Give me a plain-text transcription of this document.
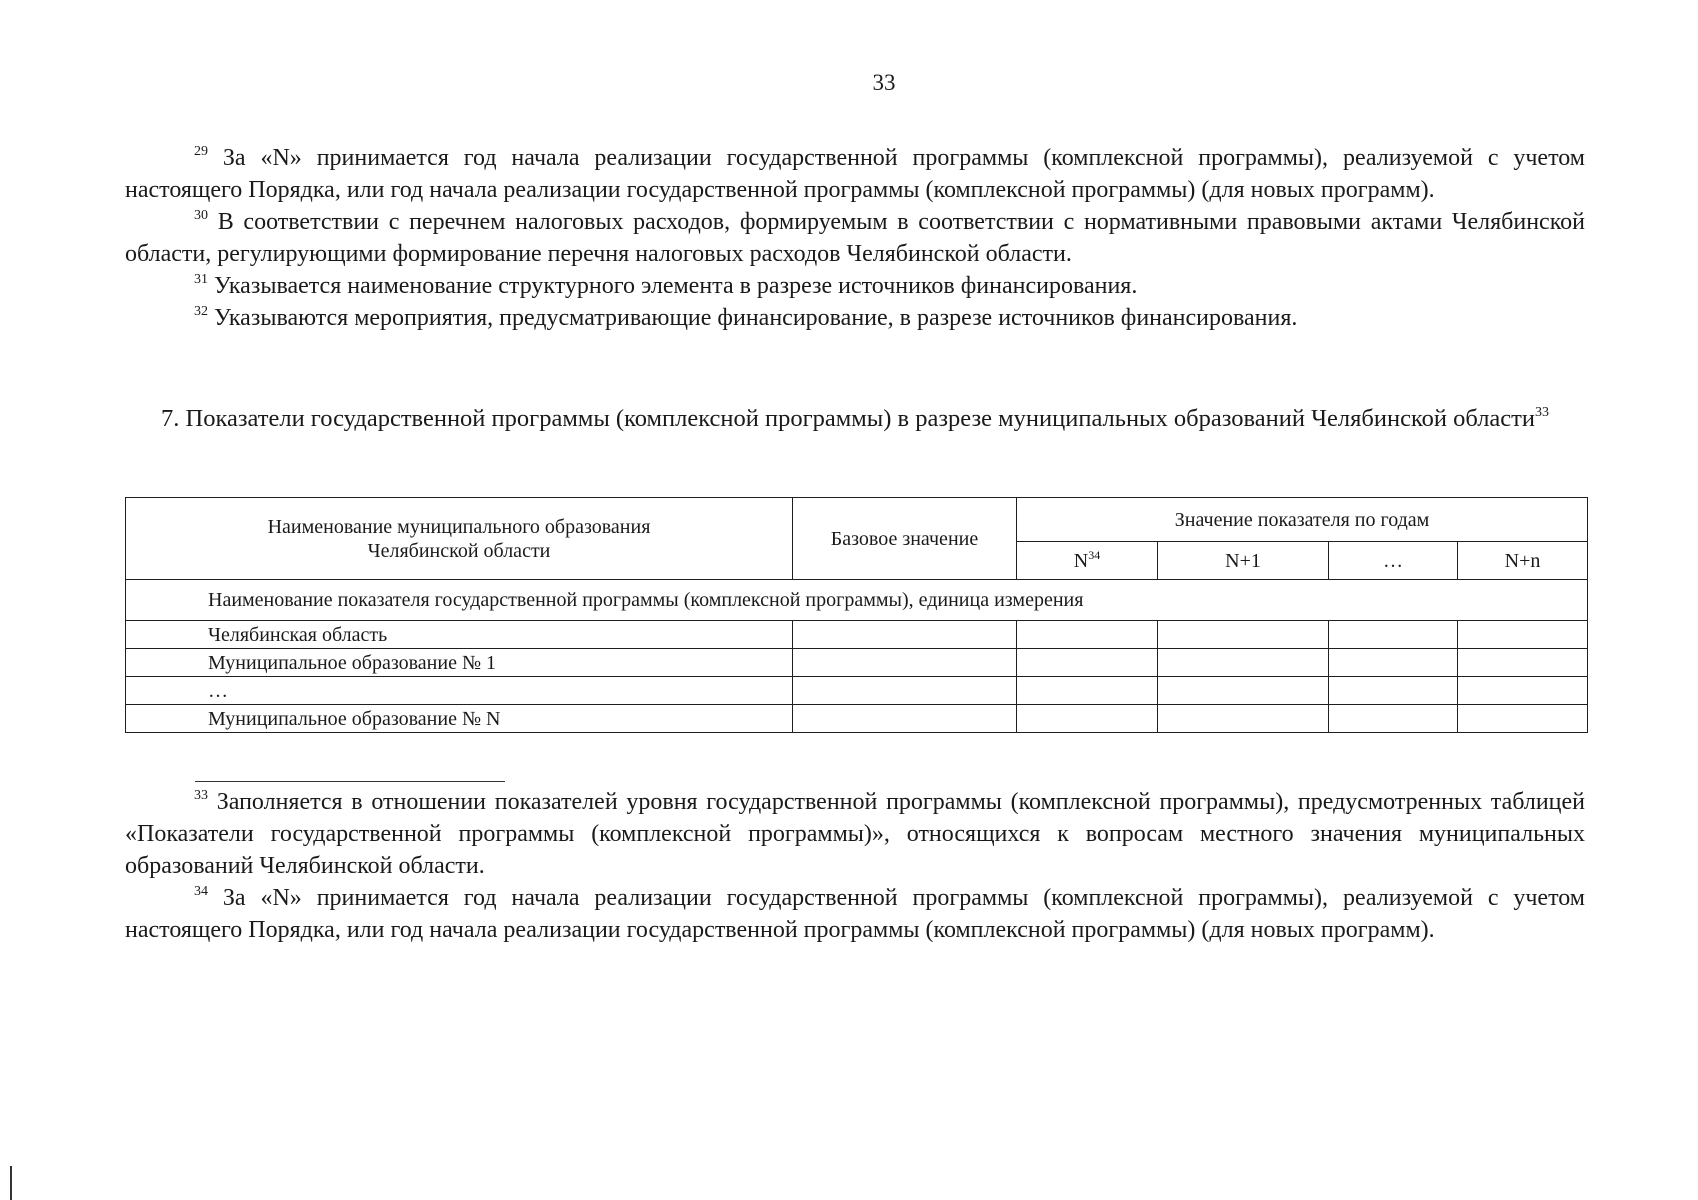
33

$^{29}$ За «N» принимается год начала реализации государственной программы (комплексной программы), реализуемой с учетом настоящего Порядка, или год начала реализации государственной программы (комплексной программы) (для новых программ).

$^{30}$ В соответствии с перечнем налоговых расходов, формируемым в соответствии с нормативными правовыми актами Челябинской области, регулирующими формирование перечня налоговых расходов Челябинской области.

$^{31}$ Указывается наименование структурного элемента в разрезе источников финансирования.

$^{32}$ Указываются мероприятия, предусматривающие финансирование, в разрезе источников финансирования.

7. Показатели государственной программы (комплексной программы) в разрезе муниципальных образований Челябинской области$^{33}$

Наименование муниципального образования Челябинской области	Базовое значение	Значение показателя по годам			
		$N^{34}$	N+1	…	N+n
Наименование показателя государственной программы (комплексной программы), единица измерения					
Челябинская область					
Муниципальное образование № 1					
…					
Муниципальное образование № N					

$^{33}$ Заполняется в отношении показателей уровня государственной программы (комплексной программы), предусмотренных таблицей «Показатели государственной программы (комплексной программы)», относящихся к вопросам местного значения муниципальных образований Челябинской области.

$^{34}$ За «N» принимается год начала реализации государственной программы (комплексной программы), реализуемой с учетом настоящего Порядка, или год начала реализации государственной программы (комплексной программы) (для новых программ).
